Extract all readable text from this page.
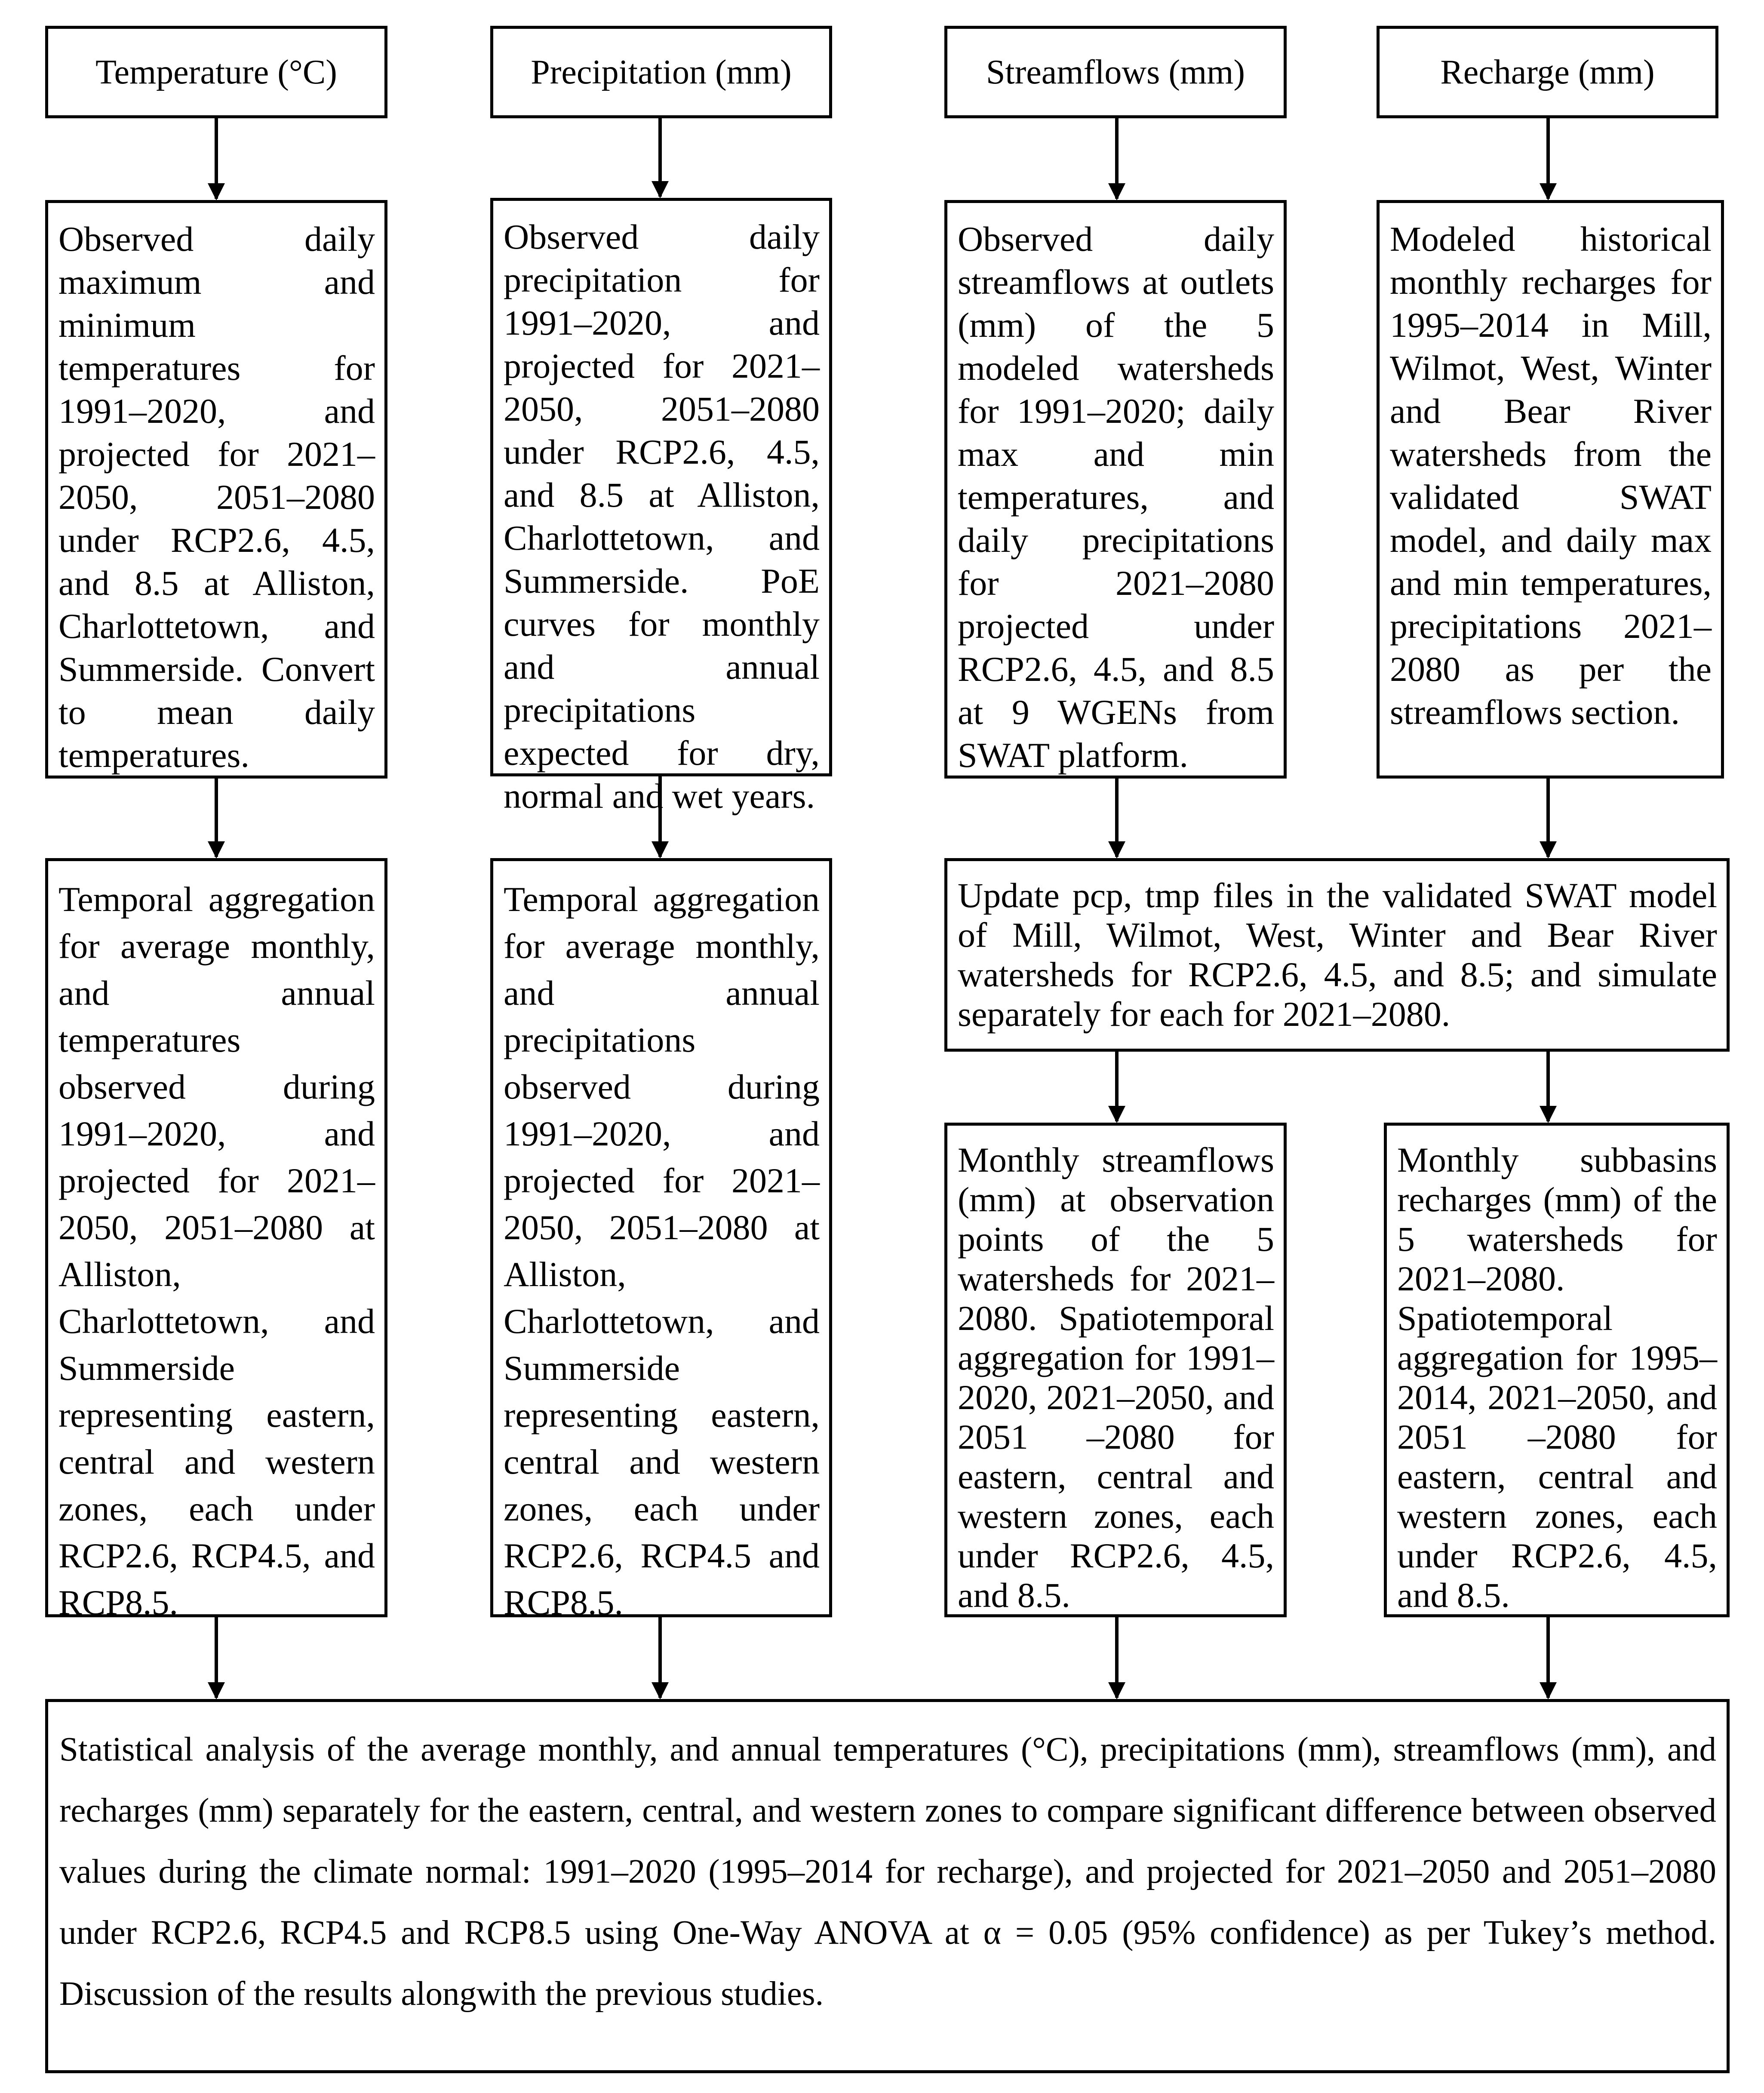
Temperature (°C)	Precipitation (mm)	Streamflows (mm)	Recharge (mm)
Observed daily maximum and minimum temperatures for 1991–2020, and projected for 2021–2050, 2051–2080 under RCP2.6, 4.5, and 8.5 at Alliston, Charlottetown, and Summerside. Convert to mean daily temperatures.
Observed daily precipitation for 1991–2020, and projected for 2021–2050, 2051–2080 under RCP2.6, 4.5, and 8.5 at Alliston, Charlottetown, and Summerside. PoE curves for monthly and annual precipitations expected for dry, normal and wet years.
Observed daily streamflows at outlets (mm) of the 5 modeled watersheds for 1991–2020; daily max and min temperatures, and daily precipitations for 2021–2080 projected under RCP2.6, 4.5, and 8.5 at 9 WGENs from SWAT platform.
Modeled historical monthly recharges for 1995–2014 in Mill, Wilmot, West, Winter and Bear River watersheds from the validated SWAT model, and daily max and min temperatures, precipitations 2021–2080 as per the streamflows section.
Update pcp, tmp files in the validated SWAT model of Mill, Wilmot, West, Winter and Bear River watersheds for RCP2.6, 4.5, and 8.5; and simulate separately for each for 2021–2080.
Temporal aggregation for average monthly, and annual temperatures observed during 1991–2020, and projected for 2021–2050, 2051–2080 at Alliston, Charlottetown, and Summerside representing eastern, central and western zones, each under RCP2.6, RCP4.5, and RCP8.5.
Temporal aggregation for average monthly, and annual precipitations observed during 1991–2020, and projected for 2021–2050, 2051–2080 at Alliston, Charlottetown, and Summerside representing eastern, central and western zones, each under RCP2.6, RCP4.5 and RCP8.5.
Monthly streamflows (mm) at observation points of the 5 watersheds for 2021–2080. Spatiotemporal aggregation for 1991–2020, 2021–2050, and 2051 –2080 for eastern, central and western zones, each under RCP2.6, 4.5, and 8.5.
Monthly subbasins recharges (mm) of the 5 watersheds for 2021–2080. Spatiotemporal aggregation for 1995–2014, 2021–2050, and 2051 –2080 for eastern, central and western zones, each under RCP2.6, 4.5, and 8.5.
Statistical analysis of the average monthly, and annual temperatures (°C), precipitations (mm), streamflows (mm), and recharges (mm) separately for the eastern, central, and western zones to compare significant difference between observed values during the climate normal: 1991–2020 (1995–2014 for recharge), and projected for 2021–2050 and 2051–2080 under RCP2.6, RCP4.5 and RCP8.5 using One-Way ANOVA at α = 0.05 (95% confidence) as per Tukey’s method. Discussion of the results alongwith the previous studies.
